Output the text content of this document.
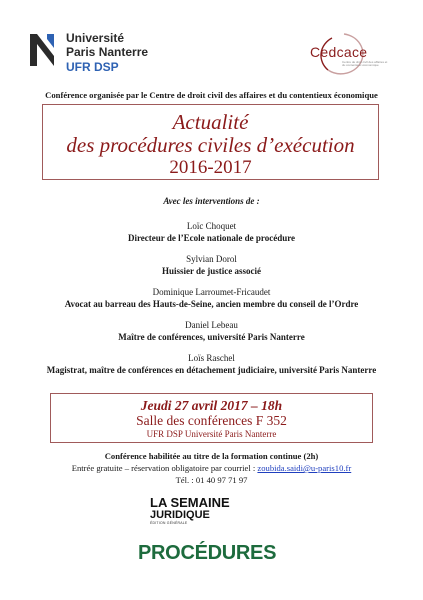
Université
Paris Nanterre
UFR DSP
Cedcace
Centre de droit civil des affaires et du contentieux économique
Conférence organisée par le Centre de droit civil des affaires et du contentieux économique
Actualité
des procédures civiles d’exécution
2016-2017
Avec les interventions de :
Loïc Choquet
Directeur de l’Ecole nationale de procédure
Sylvian Dorol
Huissier de justice associé
Dominique Larroumet-Fricaudet
Avocat au barreau des Hauts-de-Seine, ancien membre du conseil de l’Ordre
Daniel Lebeau
Maître de conférences, université Paris Nanterre
Loïs Raschel
Magistrat, maître de conférences en détachement judiciaire, université Paris Nanterre
Jeudi 27 avril 2017 – 18h
Salle des conférences F 352
UFR DSP Université Paris Nanterre
Conférence habilitée au titre de la formation continue (2h)
Entrée gratuite – réservation obligatoire par courriel : zoubida.saidi@u-paris10.fr
Tél. : 01 40 97 71 97
LA SEMAINE
JURIDIQUE
ÉDITION GÉNÉRALE
PROCÉDURES
